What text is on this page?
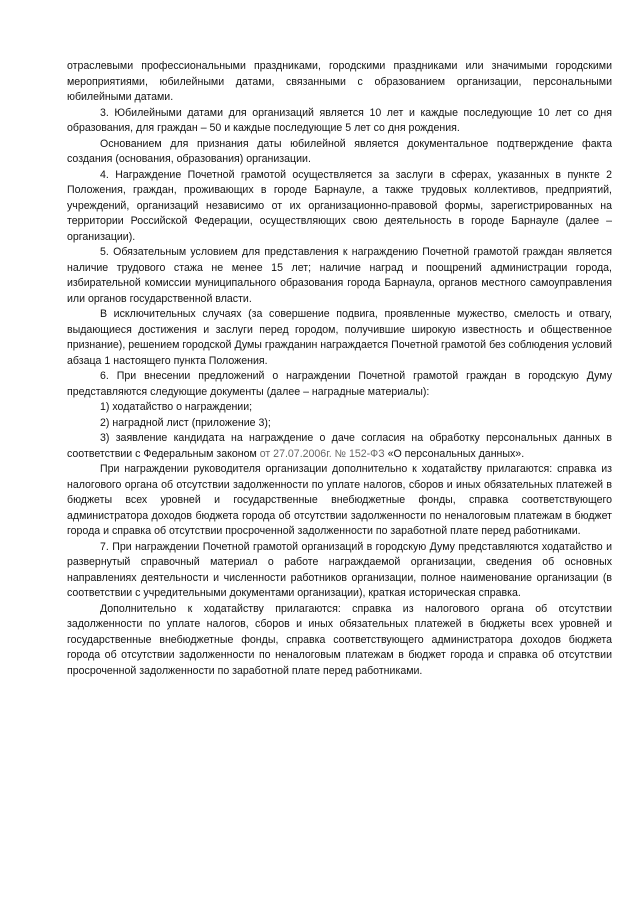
отраслевыми профессиональными праздниками, городскими праздниками или значимыми городскими мероприятиями, юбилейными датами, связанными с образованием организации, персональными юбилейными датами.

3. Юбилейными датами для организаций является 10 лет и каждые последующие 10 лет со дня образования, для граждан – 50 и каждые последующие 5 лет со дня рождения.

Основанием для признания даты юбилейной является документальное подтверждение факта создания (основания, образования) организации.

4. Награждение Почетной грамотой осуществляется за заслуги в сферах, указанных в пункте 2 Положения, граждан, проживающих в городе Барнауле, а также трудовых коллективов, предприятий, учреждений, организаций независимо от их организационно-правовой формы, зарегистрированных на территории Российской Федерации, осуществляющих свою деятельность в городе Барнауле (далее – организации).

5. Обязательным условием для представления к награждению Почетной грамотой граждан является наличие трудового стажа не менее 15 лет; наличие наград и поощрений администрации города, избирательной комиссии муниципального образования города Барнаула, органов местного самоуправления или органов государственной власти.

В исключительных случаях (за совершение подвига, проявленные мужество, смелость и отвагу, выдающиеся достижения и заслуги перед городом, получившие широкую известность и общественное признание), решением городской Думы гражданин награждается Почетной грамотой без соблюдения условий абзаца 1 настоящего пункта Положения.

6. При внесении предложений о награждении Почетной грамотой граждан в городскую Думу представляются следующие документы (далее – наградные материалы):

1) ходатайство о награждении;

2) наградной лист (приложение 3);

3) заявление кандидата на награждение о даче согласия на обработку персональных данных в соответствии с Федеральным законом от 27.07.2006г. № 152-ФЗ «О персональных данных».

При награждении руководителя организации дополнительно к ходатайству прилагаются: справка из налогового органа об отсутствии задолженности по уплате налогов, сборов и иных обязательных платежей в бюджеты всех уровней и государственные внебюджетные фонды, справка соответствующего администратора доходов бюджета города об отсутствии задолженности по неналоговым платежам в бюджет города и справка об отсутствии просроченной задолженности по заработной плате перед работниками.

7. При награждении Почетной грамотой организаций в городскую Думу представляются ходатайство и развернутый справочный материал о работе награждаемой организации, сведения об основных направлениях деятельности и численности работников организации, полное наименование организации (в соответствии с учредительными документами организации), краткая историческая справка.

Дополнительно к ходатайству прилагаются: справка из налогового органа об отсутствии задолженности по уплате налогов, сборов и иных обязательных платежей в бюджеты всех уровней и государственные внебюджетные фонды, справка соответствующего администратора доходов бюджета города об отсутствии задолженности по неналоговым платежам в бюджет города и справка об отсутствии просроченной задолженности по заработной плате перед работниками.
